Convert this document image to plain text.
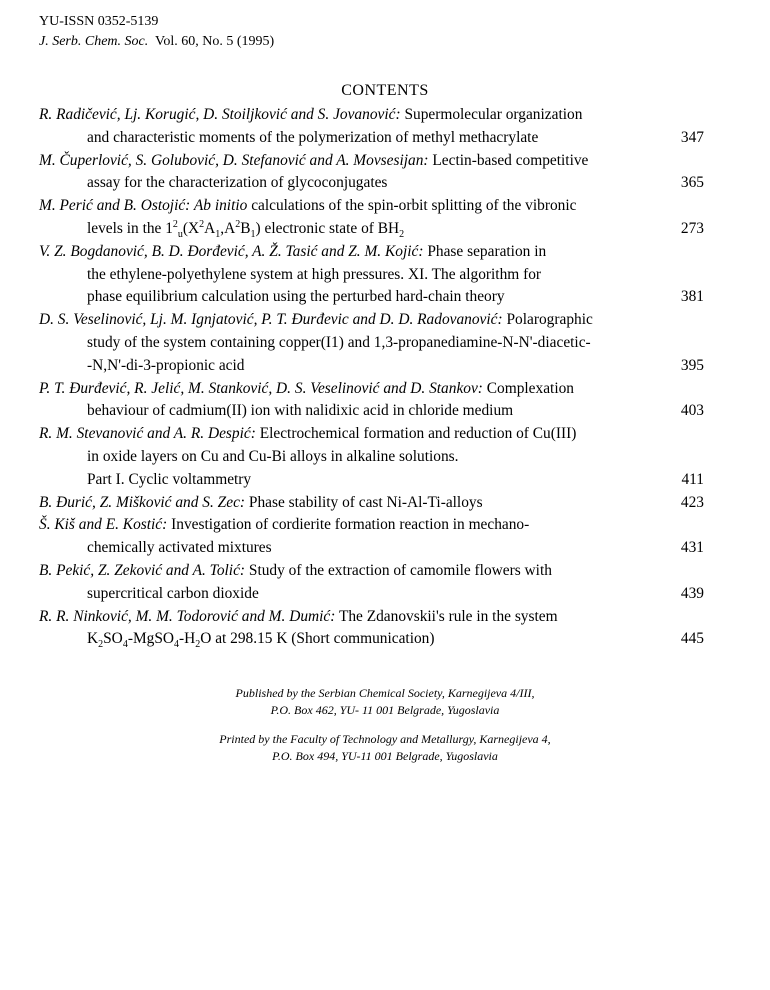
YU-ISSN 0352-5139
J. Serb. Chem. Soc. Vol. 60, No. 5 (1995)
CONTENTS
R. Radičević, Lj. Korugić, D. Stoiljković and S. Jovanović: Supermolecular organization
and characteristic moments of the polymerization of methyl methacrylate	347
M. Čuperlović, S. Golubović, D. Stefanović and A. Movsesijan: Lectin-based competitive
assay for the characterization of glycoconjugates	365
M. Perić and B. Ostojić: Ab initio calculations of the spin-orbit splitting of the vibronic
levels in the $1^2_u(X^2A_1,A^2B_1)$ electronic state of $BH_2$	273
V. Z. Bogdanović, B. D. Đorđević, A. Ž. Tasić and Z. M. Kojić: Phase separation in
the ethylene-polyethylene system at high pressures. XI. The algorithm for
phase equilibrium calculation using the perturbed hard-chain theory	381
D. S. Veselinović, Lj. M. Ignjatović, P. T. Đurđevic and D. D. Radovanović: Polarographic
study of the system containing copper(I1) and 1,3-propanediamine-N-N'-diacetic-
-N,N'-di-3-propionic acid	395
P. T. Đurđević, R. Jelić, M. Stanković, D. S. Veselinović and D. Stankov: Complexation
behaviour of cadmium(II) ion with nalidixic acid in chloride medium	403
R. M. Stevanović and A. R. Despić: Electrochemical formation and reduction of Cu(III)
in oxide layers on Cu and Cu-Bi alloys in alkaline solutions.
Part I. Cyclic voltammetry	411
B. Đurić, Z. Mišković and S. Zec: Phase stability of cast Ni-Al-Ti-alloys	423
Š. Kiš and E. Kostić: Investigation of cordierite formation reaction in mechano-
chemically activated mixtures	431
B. Pekić, Z. Zeković and A. Tolić: Study of the extraction of camomile flowers with
supercritical carbon dioxide	439
R. R. Ninković, M. M. Todorović and M. Dumić: The Zdanovskii's rule in the system
$K_2SO_4-MgSO_4-H_2O$ at 298.15 K (Short communication)	445
Published by the Serbian Chemical Society, Karnegijeva 4/III,
P.O. Box 462, YU- 11 001 Belgrade, Yugoslavia
Printed by the Faculty of Technology and Metallurgy, Karnegijeva 4,
P.O. Box 494, YU-11 001 Belgrade, Yugoslavia
